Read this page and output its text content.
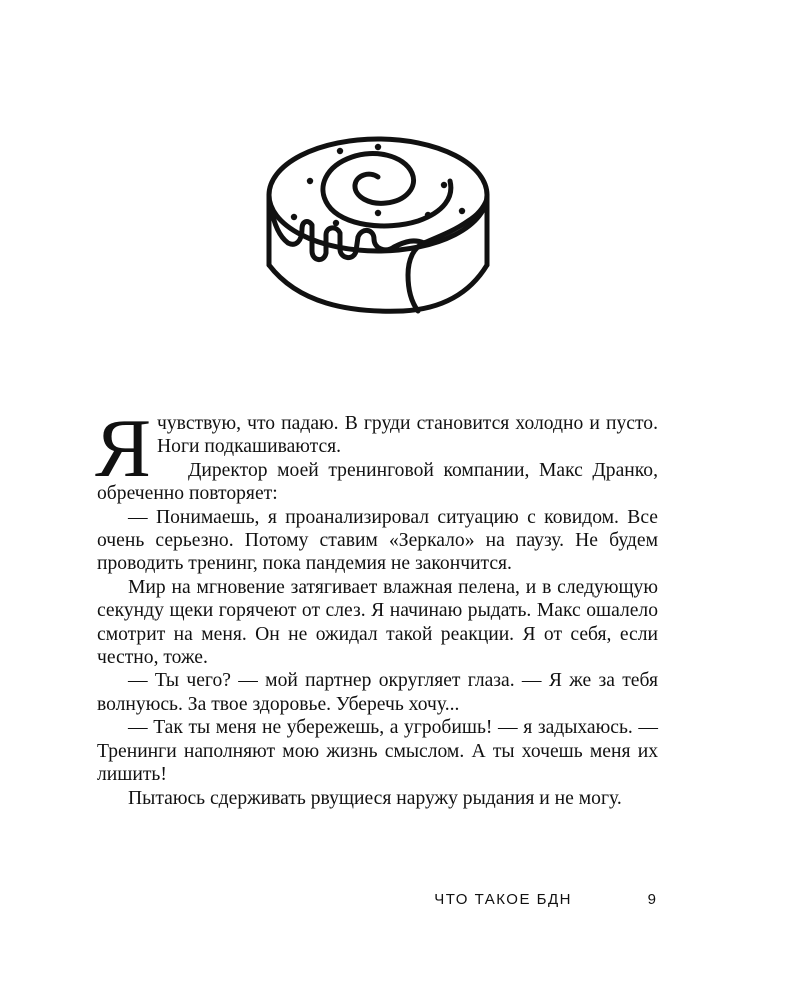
Я чувствую, что падаю. В груди становится холодно и пусто. Ноги подкашиваются.

Директор моей тренинговой компании, Макс Дранко, обреченно повторяет:

— Понимаешь, я проанализировал ситуацию с ковидом. Все очень серьезно. Потому ставим «Зеркало» на паузу. Не будем проводить тренинг, пока пандемия не закончится.

Мир на мгновение затягивает влажная пелена, и в следующую секунду щеки горячеют от слез. Я начинаю рыдать. Макс ошалело смотрит на меня. Он не ожидал такой реакции. Я от себя, если честно, тоже.

— Ты чего? — мой партнер округляет глаза. — Я же за тебя волнуюсь. За твое здоровье. Уберечь хочу...

— Так ты меня не убережешь, а угробишь! — я задыхаюсь. — Тренинги наполняют мою жизнь смыслом. А ты хочешь меня их лишить!

Пытаюсь сдерживать рвущиеся наружу рыдания и не могу.

ЧТО ТАКОЕ БДН	9
